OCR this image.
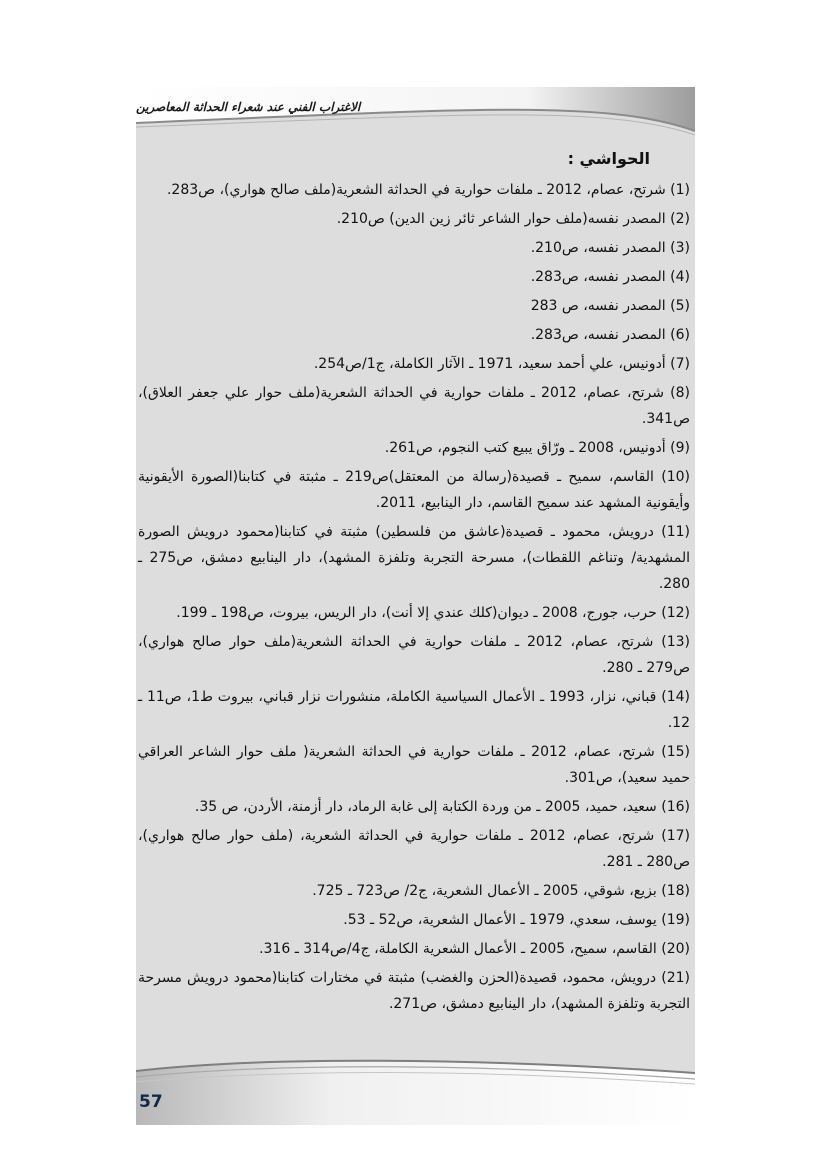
الاغتراب الفني عند شعراء الحداثة المعاصرين
الحواشي :
(1) شرتح، عصام، 2012 ـ ملفات حوارية في الحداثة الشعرية(ملف صالح هواري)، ص283.
(2) المصدر نفسه(ملف حوار الشاعر ثائر زين الدين) ص210.
(3) المصدر نفسه، ص210.
(4) المصدر نفسه، ص283.
(5) المصدر نفسه، ص 283
(6) المصدر نفسه، ص283.
(7) أدونيس، علي أحمد سعيد، 1971 ـ الآثار الكاملة، ج1/ص254.
(8) شرتح، عصام، 2012 ـ ملفات حوارية في الحداثة الشعرية(ملف حوار علي جعفر العلاق)، ص341.
(9) أدونيس، 2008 ـ ورّاق يبيع كتب النجوم، ص261.
(10) القاسم، سميح ـ قصيدة(رسالة من المعتقل)ص219 ـ مثبتة في كتابنا(الصورة الأيقونية وأيقونية المشهد عند سميح القاسم، دار الينابيع، 2011.
(11) درويش، محمود ـ قصيدة(عاشق من فلسطين) مثبتة في كتابنا(محمود درويش الصورة المشهدية/ وتناغم اللقطات)، مسرحة التجربة وتلفزة المشهد)، دار الينابيع دمشق، ص275 ـ 280.
(12) حرب، جورج، 2008 ـ ديوان(كلك عندي إلا أنت)، دار الريس، بيروت، ص198 ـ 199.
(13) شرتح، عصام، 2012 ـ ملفات حوارية في الحداثة الشعرية(ملف حوار صالح هواري)، ص279 ـ 280.
(14) قباني، نزار، 1993 ـ الأعمال السياسية الكاملة، منشورات نزار قباني، بيروت ط1، ص11 ـ 12.
(15) شرتح، عصام، 2012 ـ ملفات حوارية في الحداثة الشعرية( ملف حوار الشاعر العراقي حميد سعيد)، ص301.
(16) سعيد، حميد، 2005 ـ من وردة الكتابة إلى غابة الرماد، دار أزمنة، الأردن، ص 35.
(17) شرتح، عصام، 2012 ـ ملفات حوارية في الحداثة الشعرية، (ملف حوار صالح هواري)، ص280 ـ 281.
(18) بزيع، شوقي، 2005 ـ الأعمال الشعرية، ج2/ ص723 ـ 725.
(19) يوسف، سعدي، 1979 ـ الأعمال الشعرية، ص52 ـ 53.
(20) القاسم، سميح، 2005 ـ الأعمال الشعرية الكاملة، ج4/ص314 ـ 316.
(21) درويش، محمود، قصيدة(الحزن والغضب) مثبتة في مختارات كتابنا(محمود درويش مسرحة التجربة وتلفزة المشهد)، دار الينابيع دمشق، ص271.
57
